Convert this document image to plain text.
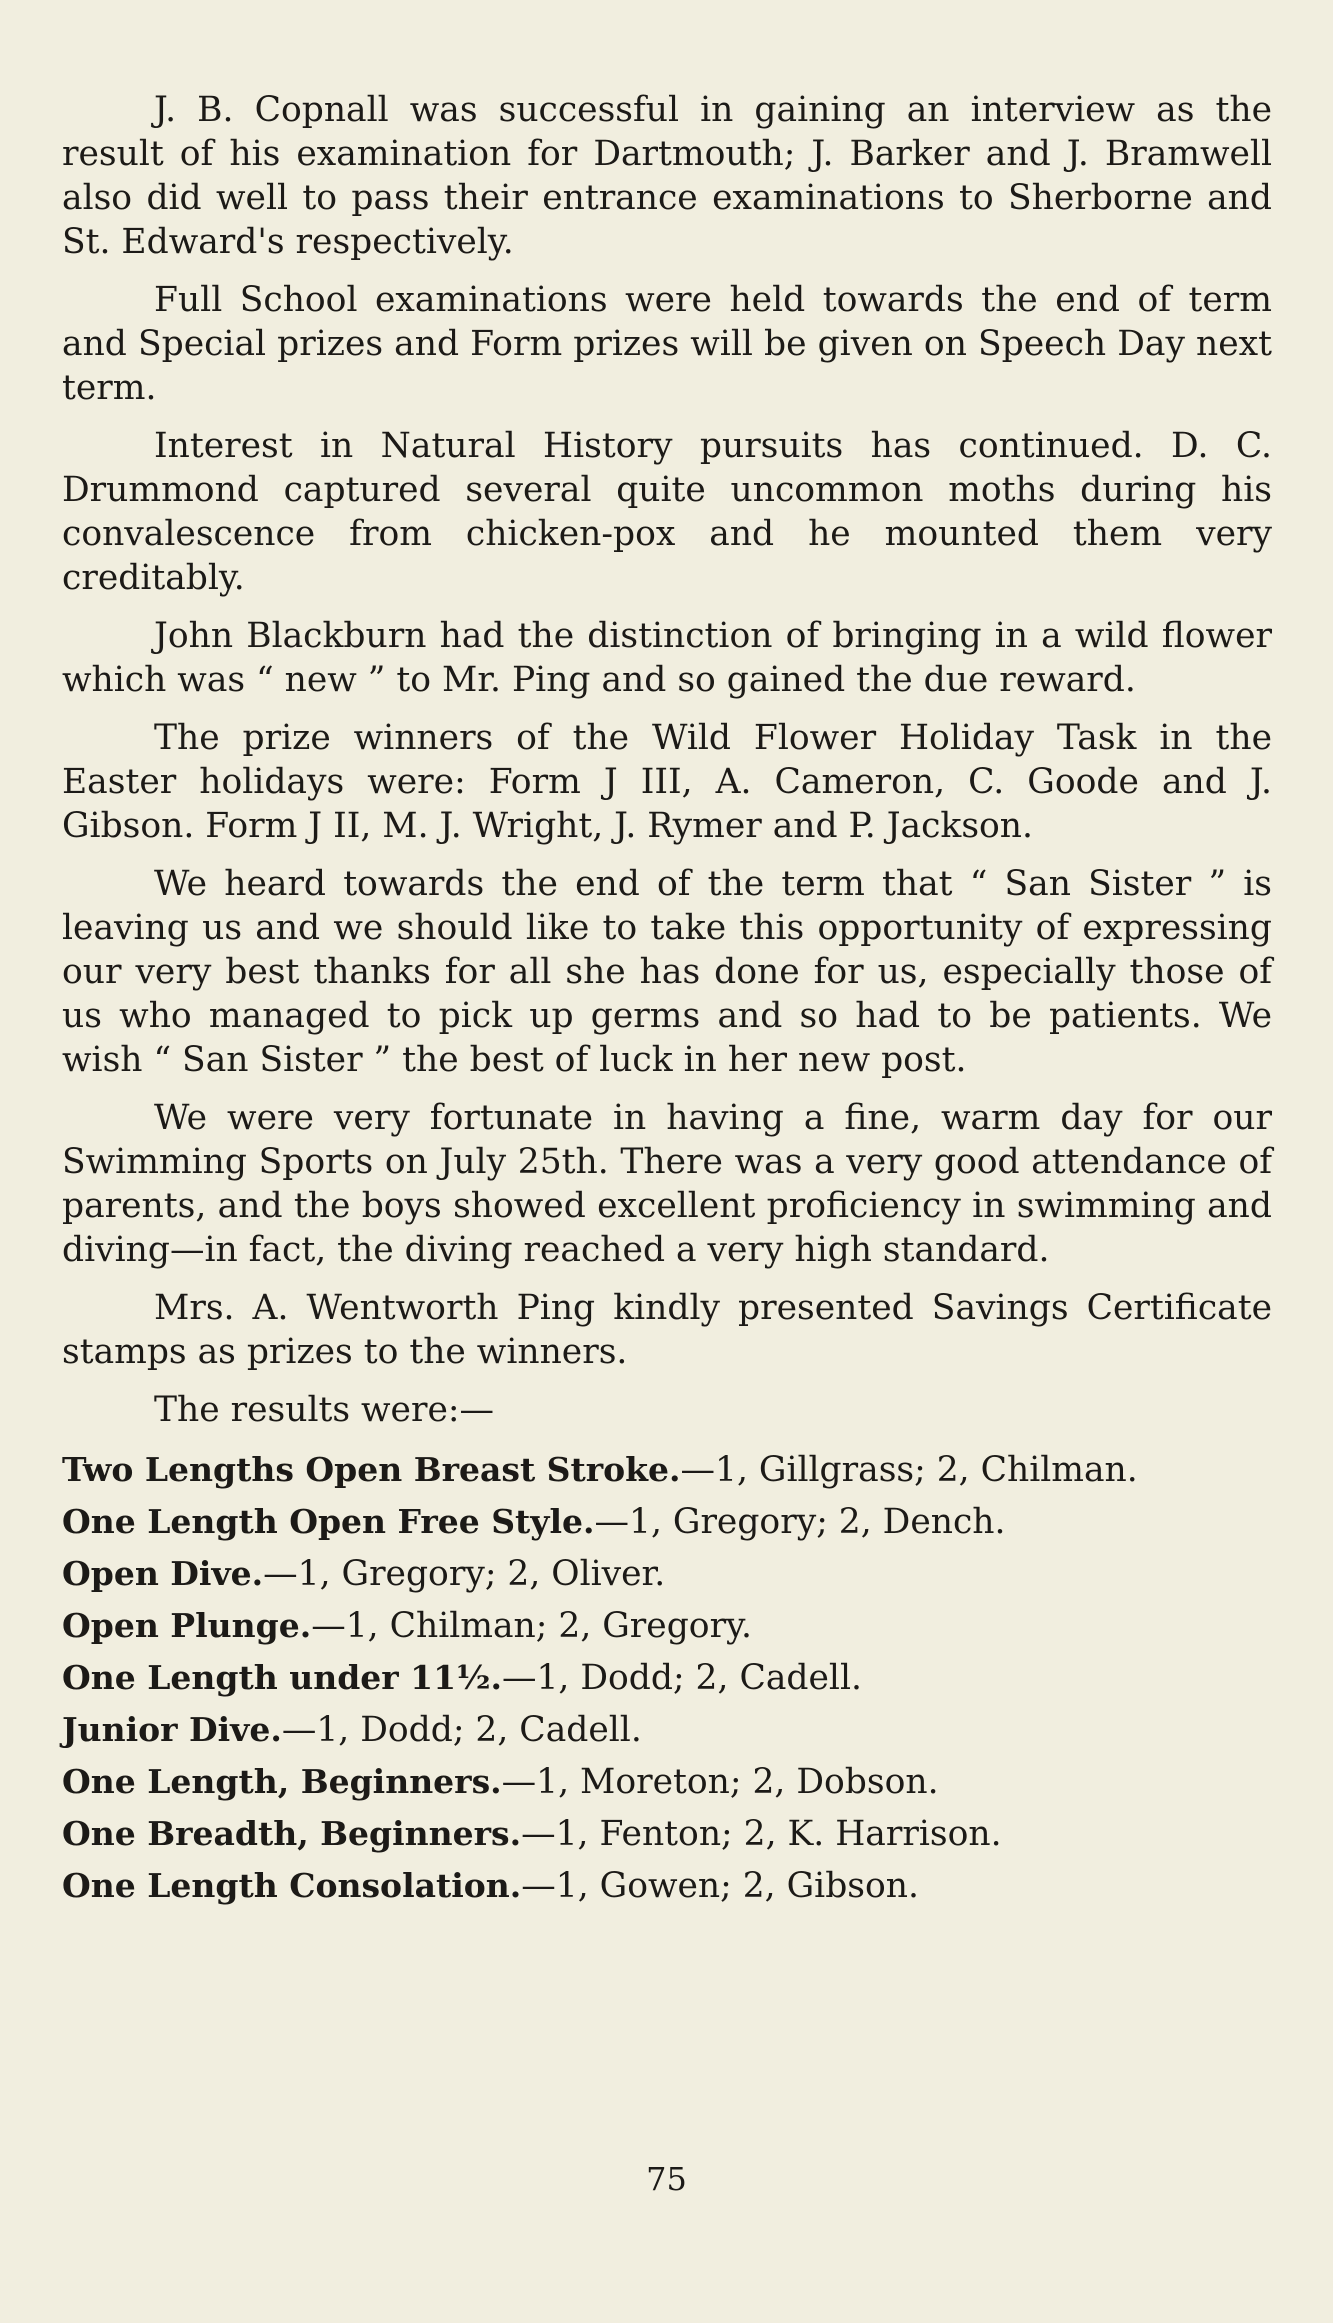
J. B. Copnall was successful in gaining an interview as the result of his examination for Dartmouth; J. Barker and J. Bramwell also did well to pass their entrance examinations to Sherborne and St. Edward's respectively.

Full School examinations were held towards the end of term and Special prizes and Form prizes will be given on Speech Day next term.

Interest in Natural History pursuits has continued. D. C. Drummond captured several quite uncommon moths during his convalescence from chicken-pox and he mounted them very creditably.

John Blackburn had the distinction of bringing in a wild flower which was “ new ” to Mr. Ping and so gained the due reward.

The prize winners of the Wild Flower Holiday Task in the Easter holidays were: Form J III, A. Cameron, C. Goode and J. Gibson. Form J II, M. J. Wright, J. Rymer and P. Jackson.

We heard towards the end of the term that “ San Sister ” is leaving us and we should like to take this opportunity of expressing our very best thanks for all she has done for us, especially those of us who managed to pick up germs and so had to be patients. We wish “ San Sister ” the best of luck in her new post.

We were very fortunate in having a fine, warm day for our Swimming Sports on July 25th. There was a very good attendance of parents, and the boys showed excellent proficiency in swimming and diving—in fact, the diving reached a very high standard.

Mrs. A. Wentworth Ping kindly presented Savings Certificate stamps as prizes to the winners.

The results were:—

Two Lengths Open Breast Stroke.—1, Gillgrass; 2, Chilman.
One Length Open Free Style.—1, Gregory; 2, Dench.
Open Dive.—1, Gregory; 2, Oliver.
Open Plunge.—1, Chilman; 2, Gregory.
One Length under 11½.—1, Dodd; 2, Cadell.
Junior Dive.—1, Dodd; 2, Cadell.
One Length, Beginners.—1, Moreton; 2, Dobson.
One Breadth, Beginners.—1, Fenton; 2, K. Harrison.
One Length Consolation.—1, Gowen; 2, Gibson.
75
